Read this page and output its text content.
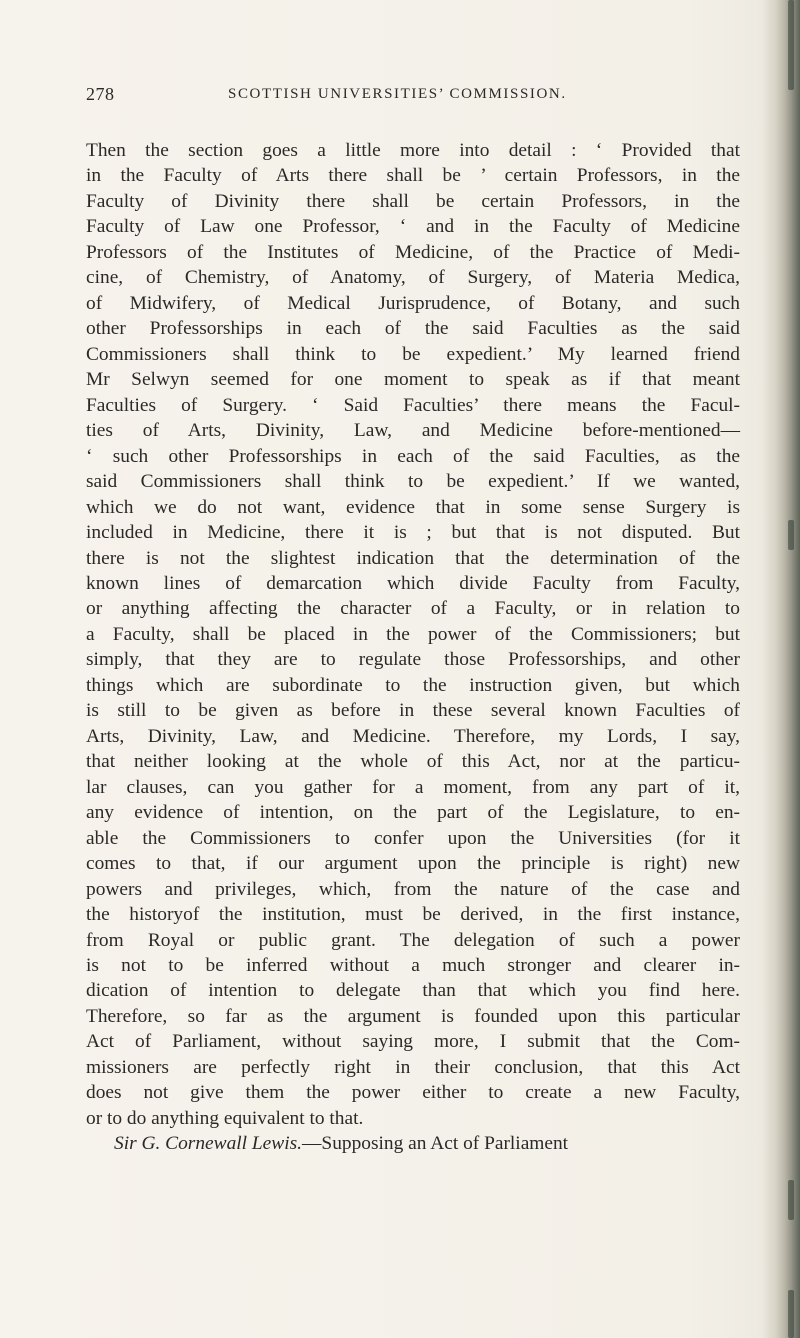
278	SCOTTISH UNIVERSITIES’ COMMISSION.
Then the section goes a little more into detail : ‘ Provided that
in the Faculty of Arts there shall be ’ certain Professors, in the
Faculty of Divinity there shall be certain Professors, in the
Faculty of Law one Professor, ‘ and in the Faculty of Medicine
Professors of the Institutes of Medicine, of the Practice of Medi-
cine, of Chemistry, of Anatomy, of Surgery, of Materia Medica,
of Midwifery, of Medical Jurisprudence, of Botany, and such
other Professorships in each of the said Faculties as the said
Commissioners shall think to be expedient.’ My learned friend
Mr Selwyn seemed for one moment to speak as if that meant
Faculties of Surgery. ‘ Said Faculties’ there means the Facul-
ties of Arts, Divinity, Law, and Medicine before-mentioned—
‘ such other Professorships in each of the said Faculties, as the
said Commissioners shall think to be expedient.’ If we wanted,
which we do not want, evidence that in some sense Surgery is
included in Medicine, there it is ; but that is not disputed. But
there is not the slightest indication that the determination of the
known lines of demarcation which divide Faculty from Faculty,
or anything affecting the character of a Faculty, or in relation to
a Faculty, shall be placed in the power of the Commissioners; but
simply, that they are to regulate those Professorships, and other
things which are subordinate to the instruction given, but which
is still to be given as before in these several known Faculties of
Arts, Divinity, Law, and Medicine. Therefore, my Lords, I say,
that neither looking at the whole of this Act, nor at the particu-
lar clauses, can you gather for a moment, from any part of it,
any evidence of intention, on the part of the Legislature, to en-
able the Commissioners to confer upon the Universities (for it
comes to that, if our argument upon the principle is right) new
powers and privileges, which, from the nature of the case and
the historyof the institution, must be derived, in the first instance,
from Royal or public grant. The delegation of such a power
is not to be inferred without a much stronger and clearer in-
dication of intention to delegate than that which you find here.
Therefore, so far as the argument is founded upon this particular
Act of Parliament, without saying more, I submit that the Com-
missioners are perfectly right in their conclusion, that this Act
does not give them the power either to create a new Faculty,
or to do anything equivalent to that.
Sir G. Cornewall Lewis.—Supposing an Act of Parliament
